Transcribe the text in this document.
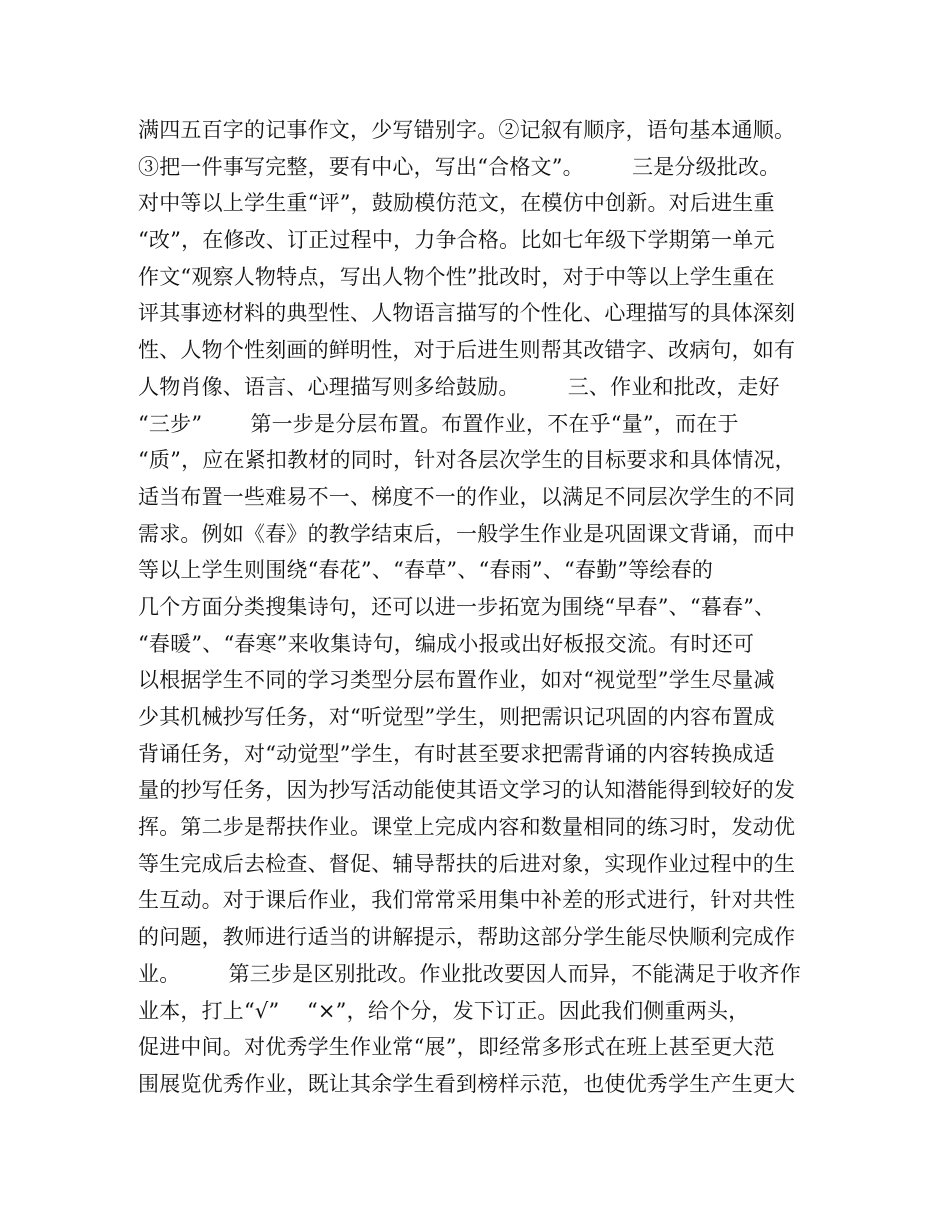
满四五百字的记事作文，少写错别字。②记叙有顺序，语句基本通顺。
③把一件事写完整，要有中心，写出“合格文”。       三是分级批改。
对中等以上学生重“评”，鼓励模仿范文，在模仿中创新。对后进生重
“改”，在修改、订正过程中，力争合格。比如七年级下学期第一单元
作文“观察人物特点，写出人物个性”批改时，对于中等以上学生重在
评其事迹材料的典型性、人物语言描写的个性化、心理描写的具体深刻
性、人物个性刻画的鲜明性，对于后进生则帮其改错字、改病句，如有
人物肖像、语言、心理描写则多给鼓励。       三、作业和批改，走好
“三步”       第一步是分层布置。布置作业，不在乎“量”，而在于
“质”，应在紧扣教材的同时，针对各层次学生的目标要求和具体情况，
适当布置一些难易不一、梯度不一的作业，以满足不同层次学生的不同
需求。例如《春》的教学结束后，一般学生作业是巩固课文背诵，而中
等以上学生则围绕“春花”、“春草”、“春雨”、“春勤”等绘春的
几个方面分类搜集诗句，还可以进一步拓宽为围绕“早春”、“暮春”、
“春暖”、“春寒”来收集诗句，编成小报或出好板报交流。有时还可
以根据学生不同的学习类型分层布置作业，如对“视觉型”学生尽量减
少其机械抄写任务，对“听觉型”学生，则把需识记巩固的内容布置成
背诵任务，对“动觉型”学生，有时甚至要求把需背诵的内容转换成适
量的抄写任务，因为抄写活动能使其语文学习的认知潜能得到较好的发
挥。第二步是帮扶作业。课堂上完成内容和数量相同的练习时，发动优
等生完成后去检查、督促、辅导帮扶的后进对象，实现作业过程中的生
生互动。对于课后作业，我们常常采用集中补差的形式进行，针对共性
的问题，教师进行适当的讲解提示，帮助这部分学生能尽快顺利完成作
业。       第三步是区别批改。作业批改要因人而异，不能满足于收齐作
业本，打上“√”    “×”，给个分，发下订正。因此我们侧重两头，
促进中间。对优秀学生作业常“展”，即经常多形式在班上甚至更大范
围展览优秀作业，既让其余学生看到榜样示范，也使优秀学生产生更大
